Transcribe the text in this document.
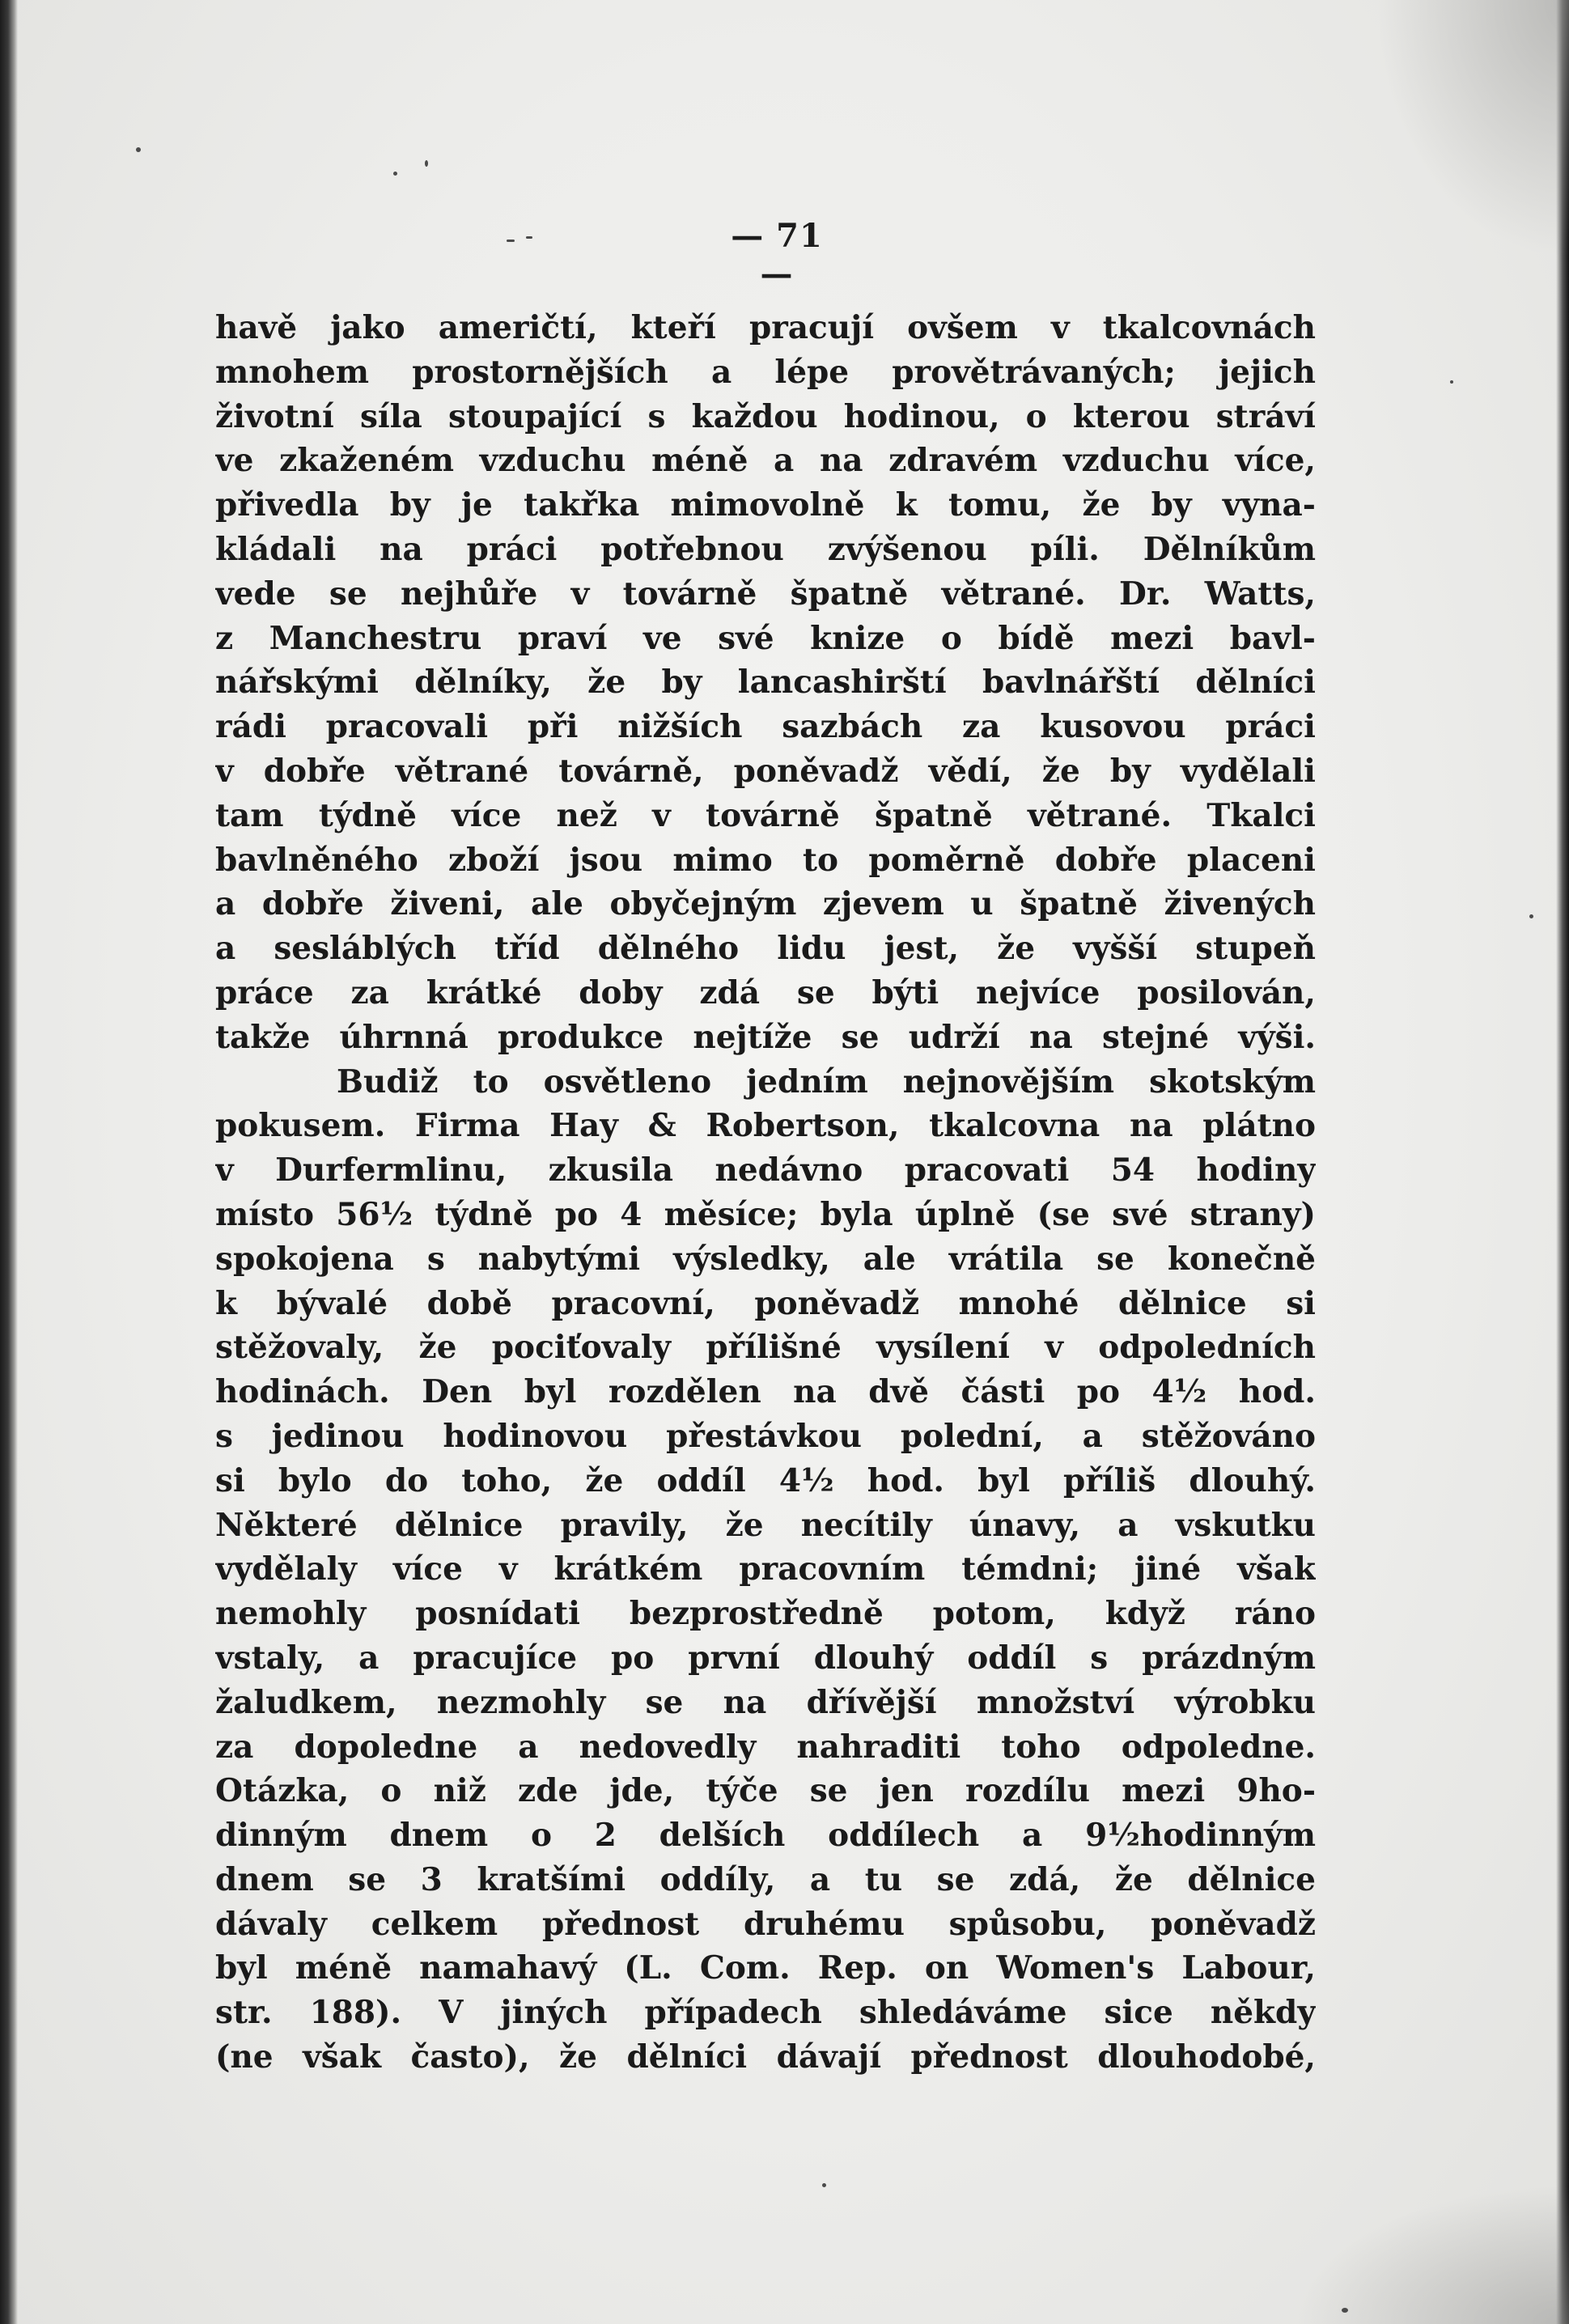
— 71 —
havě jako američtí, kteří pracují ovšem v tkalcovnách
mnohem prostornějších a lépe provětrávaných; jejich
životní síla stoupající s každou hodinou, o kterou stráví
ve zkaženém vzduchu méně a na zdravém vzduchu více,
přivedla by je takřka mimovolně k tomu, že by vyna-
kládali na práci potřebnou zvýšenou píli. Dělníkům
vede se nejhůře v továrně špatně větrané. Dr. Watts,
z Manchestru praví ve své knize o bídě mezi bavl-
nářskými dělníky, že by lancashirští bavlnářští dělníci
rádi pracovali při nižších sazbách za kusovou práci
v dobře větrané továrně, poněvadž vědí, že by vydělali
tam týdně více než v továrně špatně větrané. Tkalci
bavlněného zboží jsou mimo to poměrně dobře placeni
a dobře živeni, ale obyčejným zjevem u špatně živených
a sesláblých tříd dělného lidu jest, že vyšší stupeň
práce za krátké doby zdá se býti nejvíce posilován,
takže úhrnná produkce nejtíže se udrží na stejné výši.
Budiž to osvětleno jedním nejnovějším skotským
pokusem. Firma Hay & Robertson, tkalcovna na plátno
v Durfermlinu, zkusila nedávno pracovati 54 hodiny
místo 56½ týdně po 4 měsíce; byla úplně (se své strany)
spokojena s nabytými výsledky, ale vrátila se konečně
k bývalé době pracovní, poněvadž mnohé dělnice si
stěžovaly, že pociťovaly přílišné vysílení v odpoledních
hodinách. Den byl rozdělen na dvě části po 4½ hod.
s jedinou hodinovou přestávkou polední, a stěžováno
si bylo do toho, že oddíl 4½ hod. byl příliš dlouhý.
Některé dělnice pravily, že necítily únavy, a vskutku
vydělaly více v krátkém pracovním témdni; jiné však
nemohly posnídati bezprostředně potom, když ráno
vstaly, a pracujíce po první dlouhý oddíl s prázdným
žaludkem, nezmohly se na dřívější množství výrobku
za dopoledne a nedovedly nahraditi toho odpoledne.
Otázka, o niž zde jde, týče se jen rozdílu mezi 9ho-
dinným dnem o 2 delších oddílech a 9½hodinným
dnem se 3 kratšími oddíly, a tu se zdá, že dělnice
dávaly celkem přednost druhému spůsobu, poněvadž
byl méně namahavý (L. Com. Rep. on Women's Labour,
str. 188). V jiných případech shledáváme sice někdy
(ne však často), že dělníci dávají přednost dlouhodobé,
